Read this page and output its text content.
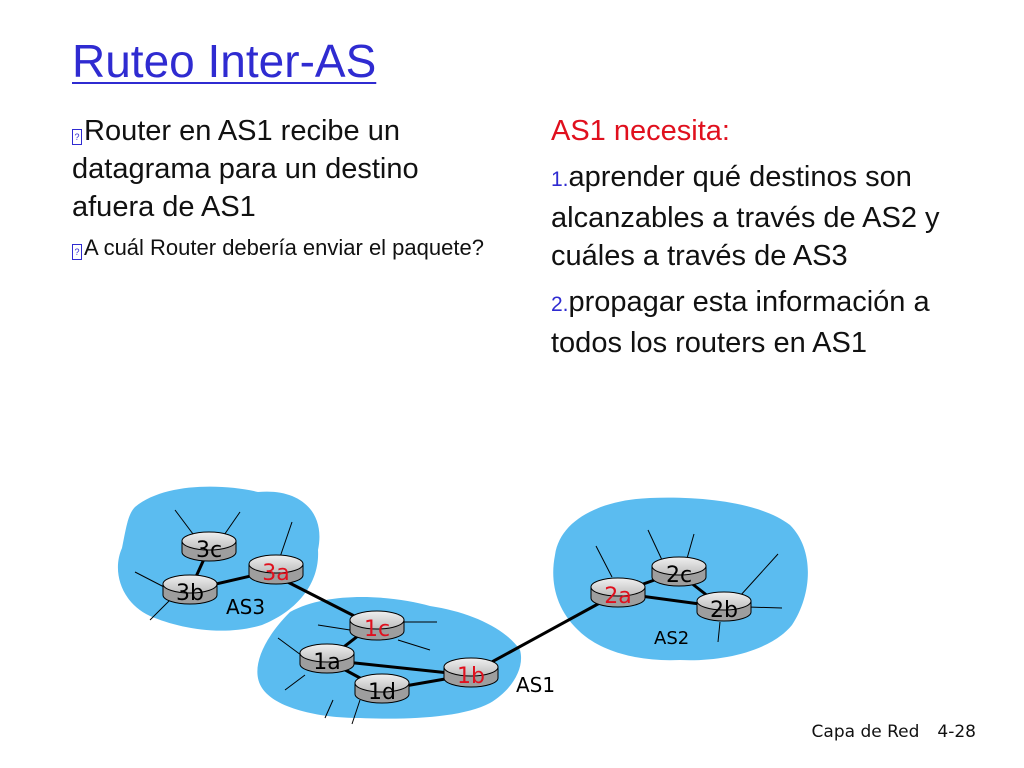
Ruteo Inter-AS

? Router en AS1 recibe un datagrama para un destino afuera de AS1

? A cuál Router debería enviar el paquete?

AS1 necesita:

1.aprender qué destinos son alcanzables a través de AS2 y cuáles a través de AS3

2.propagar esta información a todos los routers en AS1

3c
3b
3a
1c
1a
1d
1b
2a
2c
2b
AS3
AS1
AS2
Capa de Red 4-28
